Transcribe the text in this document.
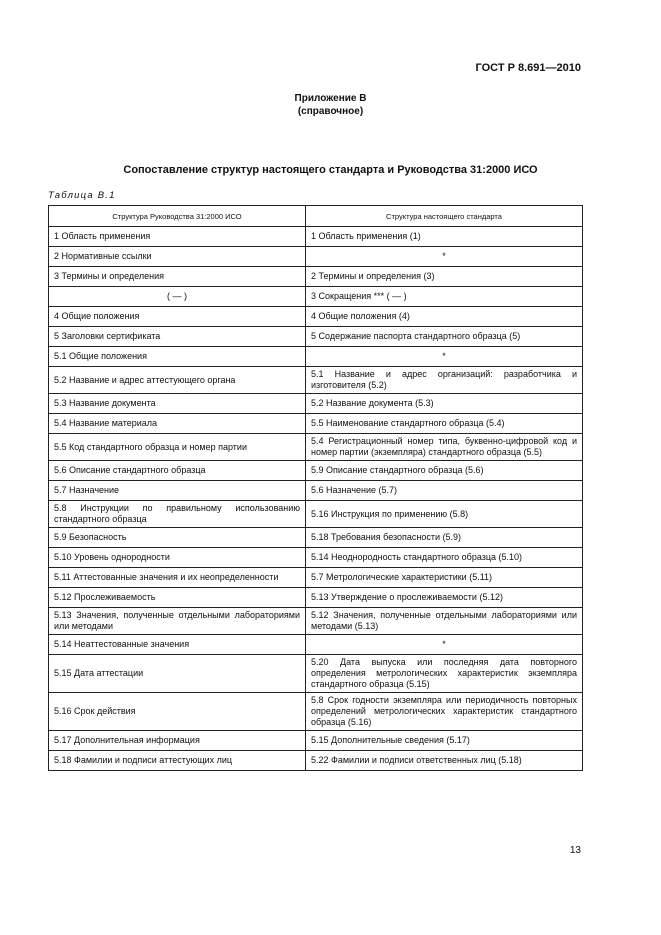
ГОСТ Р 8.691—2010
Приложение В
(справочное)
Сопоставление структур настоящего стандарта и Руководства 31:2000 ИСО
Таблица В.1
Структура Руководства 31:2000 ИСО	Структура настоящего стандарта
1 Область применения	1 Область применения (1)
2 Нормативные ссылки	*
3 Термины и определения	2 Термины и определения (3)
( — )	3 Сокращения *** ( — )
4 Общие положения	4 Общие положения (4)
5 Заголовки сертификата	5 Содержание паспорта стандартного образца (5)
5.1 Общие положения	*
5.2 Название и адрес аттестующего органа	5.1 Название и адрес организаций: разработчика и изготовителя (5.2)
5.3 Название документа	5.2 Название документа (5.3)
5.4 Название материала	5.5 Наименование стандартного образца (5.4)
5.5 Код стандартного образца и номер партии	5.4 Регистрационный номер типа, буквенно-цифровой код и номер партии (экземпляра) стандартного образца (5.5)
5.6 Описание стандартного образца	5.9 Описание стандартного образца (5.6)
5.7 Назначение	5.6 Назначение (5.7)
5.8 Инструкции по правильному использованию стандартного образца	5.16 Инструкция по применению (5.8)
5.9 Безопасность	5.18 Требования безопасности (5.9)
5.10 Уровень однородности	5.14 Неоднородность стандартного образца (5.10)
5.11 Аттестованные значения и их неопределенности	5.7 Метрологические характеристики (5.11)
5.12 Прослеживаемость	5.13 Утверждение о прослеживаемости (5.12)
5.13 Значения, полученные отдельными лабораториями или методами	5.12 Значения, полученные отдельными лабораториями или методами (5.13)
5.14 Неаттестованные значения	*
5.15 Дата аттестации	5.20 Дата выпуска или последняя дата повторного определения метрологических характеристик экземпляра стандартного образца (5.15)
5.16 Срок действия	5.8 Срок годности экземпляра или периодичность повторных определений метрологических характеристик стандартного образца (5.16)
5.17 Дополнительная информация	5.15 Дополнительные сведения (5.17)
5.18 Фамилии и подписи аттестующих лиц	5.22 Фамилии и подписи ответственных лиц (5.18)
13
